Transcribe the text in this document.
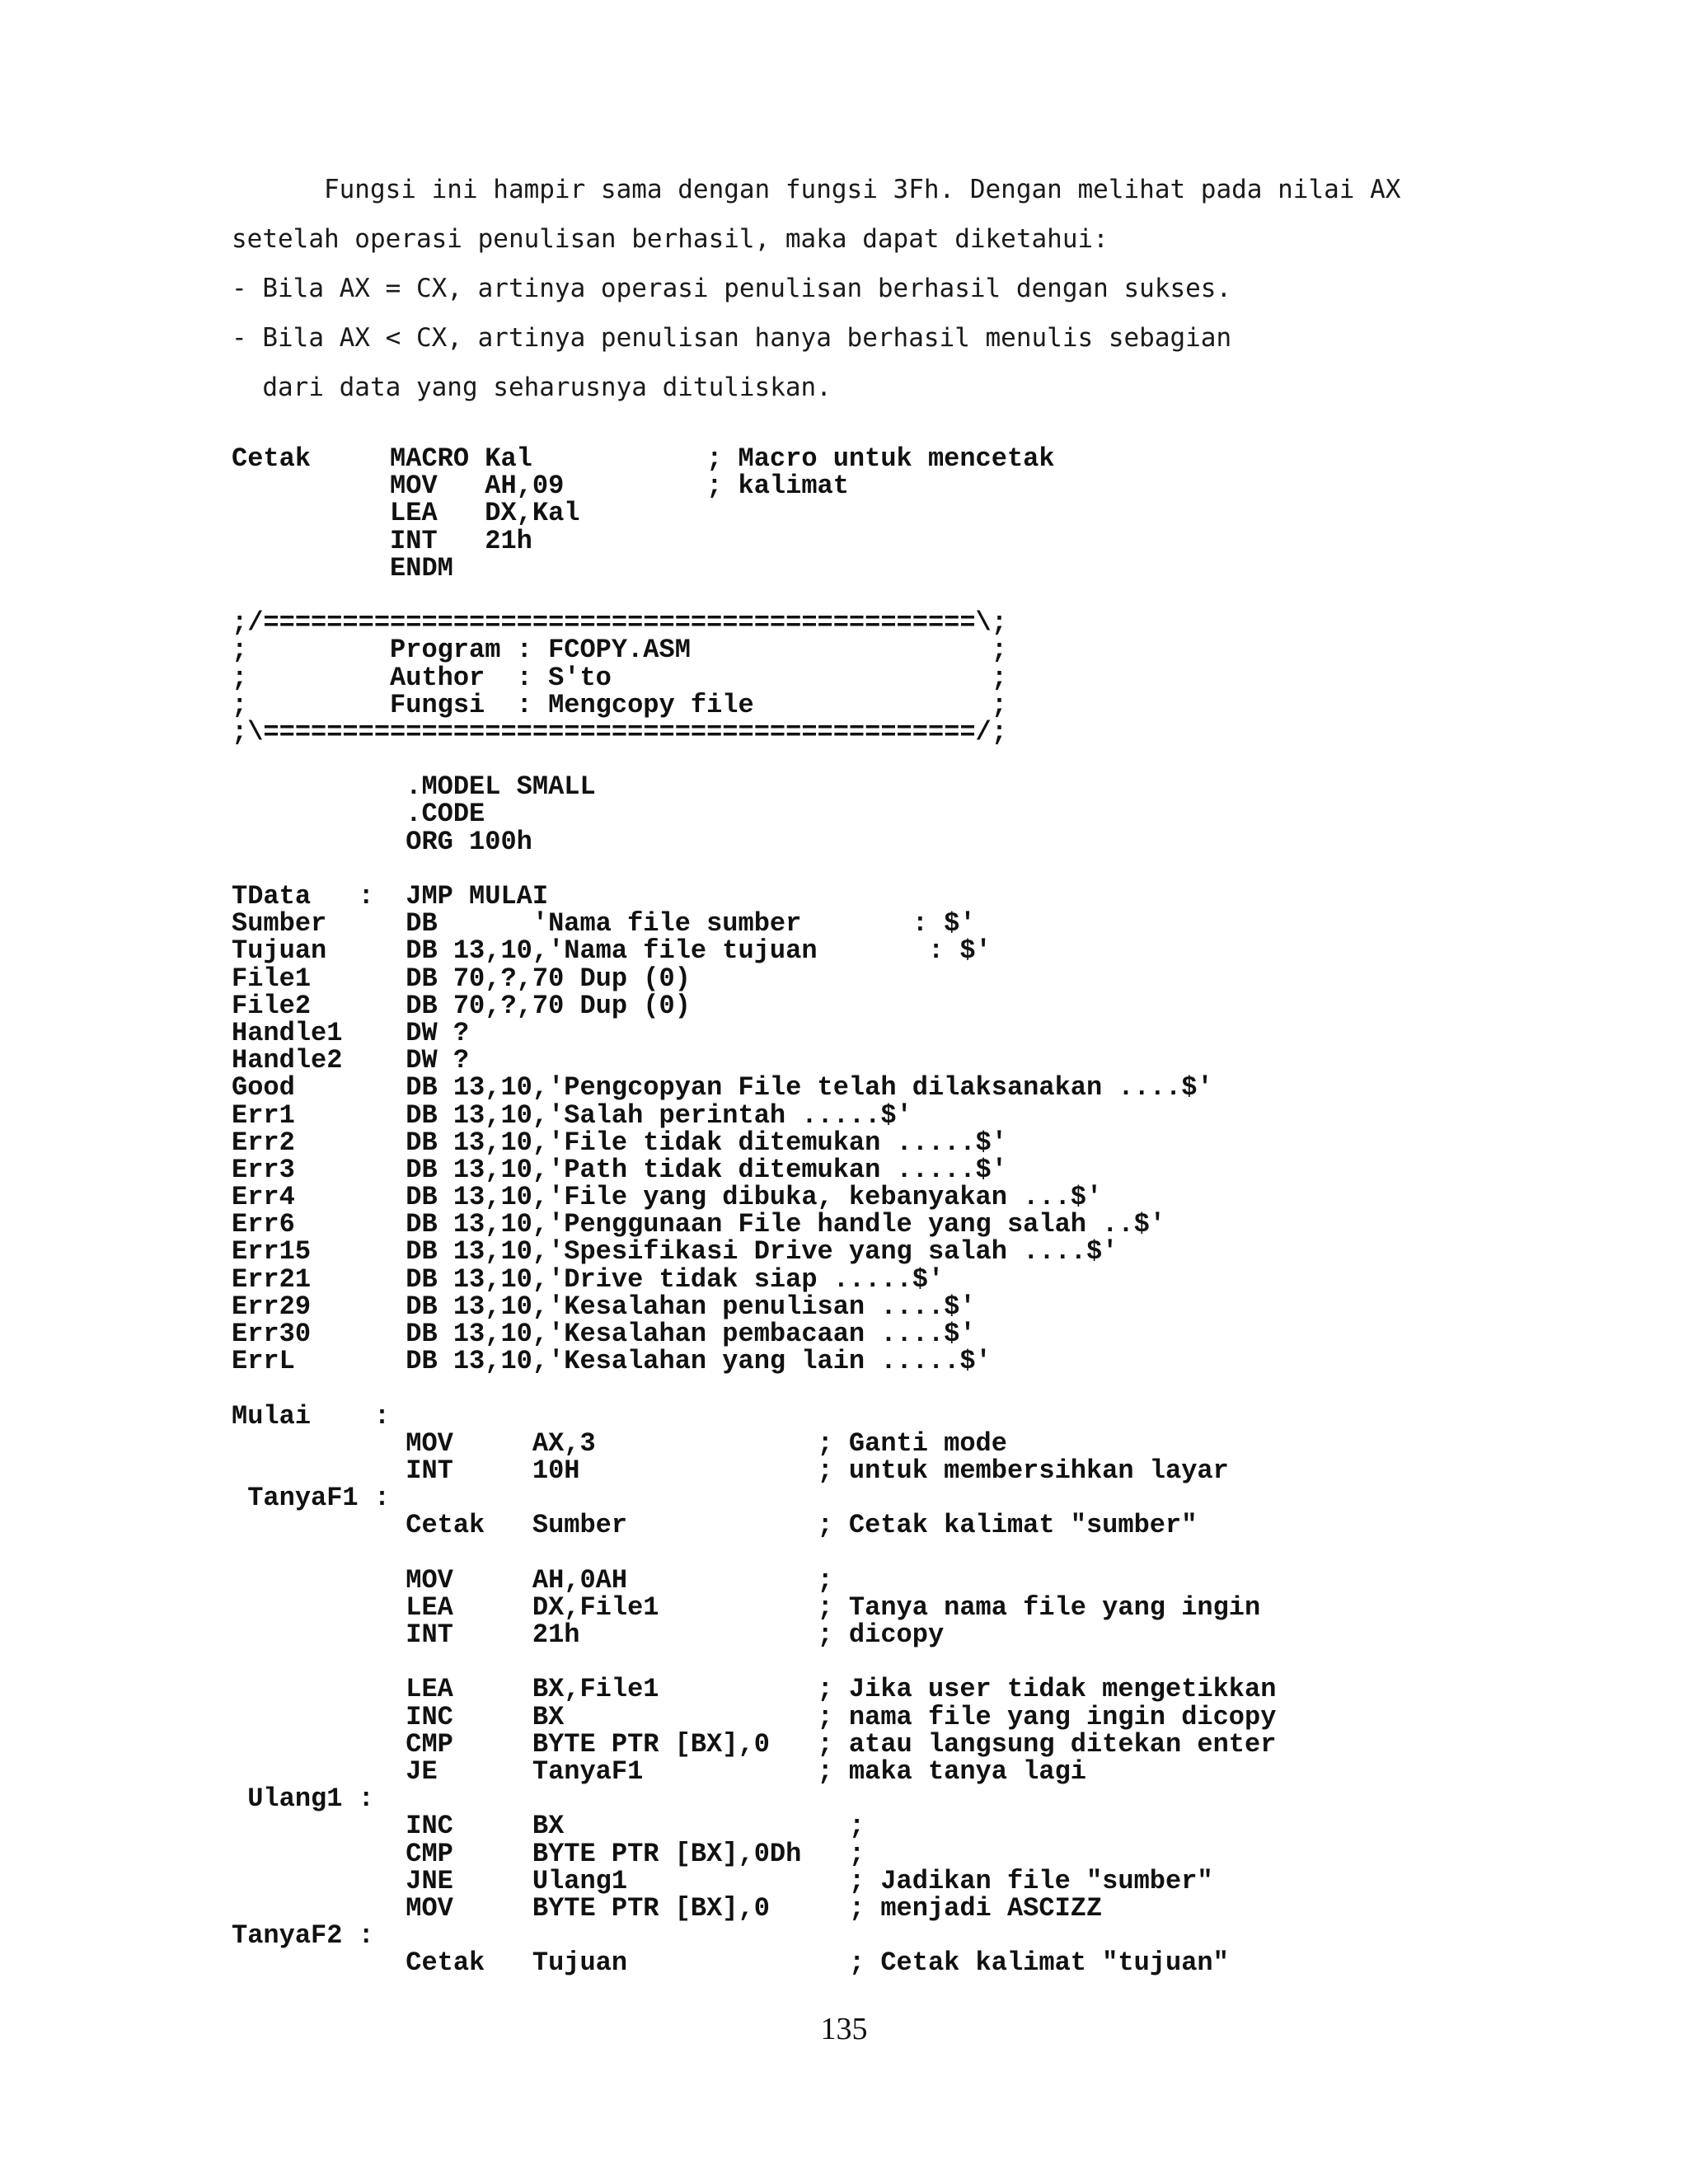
Fungsi ini hampir sama dengan fungsi 3Fh. Dengan melihat pada nilai AX

setelah operasi penulisan berhasil, maka dapat diketahui:

- Bila AX = CX, artinya operasi penulisan berhasil dengan sukses.

- Bila AX < CX, artinya penulisan hanya berhasil menulis sebagian

dari data yang seharusnya dituliskan.

Cetak     MACRO Kal           ; Macro untuk mencetak
MOV   AH,09         ; kalimat
LEA   DX,Kal
INT   21h
ENDM

;/=============================================\;
;         Program : FCOPY.ASM                   ;
;         Author  : S'to                        ;
;         Fungsi  : Mengcopy file               ;
;\=============================================/;

.MODEL SMALL
.CODE
ORG 100h

TData   :  JMP MULAI
Sumber     DB      'Nama file sumber       : $'
Tujuan     DB 13,10,'Nama file tujuan       : $'
File1      DB 70,?,70 Dup (0)
File2      DB 70,?,70 Dup (0)
Handle1    DW ?
Handle2    DW ?
Good       DB 13,10,'Pengcopyan File telah dilaksanakan ....$'
Err1       DB 13,10,'Salah perintah .....$'
Err2       DB 13,10,'File tidak ditemukan .....$'
Err3       DB 13,10,'Path tidak ditemukan .....$'
Err4       DB 13,10,'File yang dibuka, kebanyakan ...$'
Err6       DB 13,10,'Penggunaan File handle yang salah ..$'
Err15      DB 13,10,'Spesifikasi Drive yang salah ....$'
Err21      DB 13,10,'Drive tidak siap .....$'
Err29      DB 13,10,'Kesalahan penulisan ....$'
Err30      DB 13,10,'Kesalahan pembacaan ....$'
ErrL       DB 13,10,'Kesalahan yang lain .....$'

Mulai    :
MOV     AX,3              ; Ganti mode
INT     10H               ; untuk membersihkan layar
TanyaF1 :
Cetak   Sumber            ; Cetak kalimat "sumber"

MOV     AH,0AH            ;
LEA     DX,File1          ; Tanya nama file yang ingin
INT     21h               ; dicopy

LEA     BX,File1          ; Jika user tidak mengetikkan
INC     BX                ; nama file yang ingin dicopy
CMP     BYTE PTR [BX],0   ; atau langsung ditekan enter
JE      TanyaF1           ; maka tanya lagi
Ulang1 :
INC     BX                  ;
CMP     BYTE PTR [BX],0Dh   ;
JNE     Ulang1              ; Jadikan file "sumber"
MOV     BYTE PTR [BX],0     ; menjadi ASCIZZ
TanyaF2 :
Cetak   Tujuan              ; Cetak kalimat "tujuan"
135
